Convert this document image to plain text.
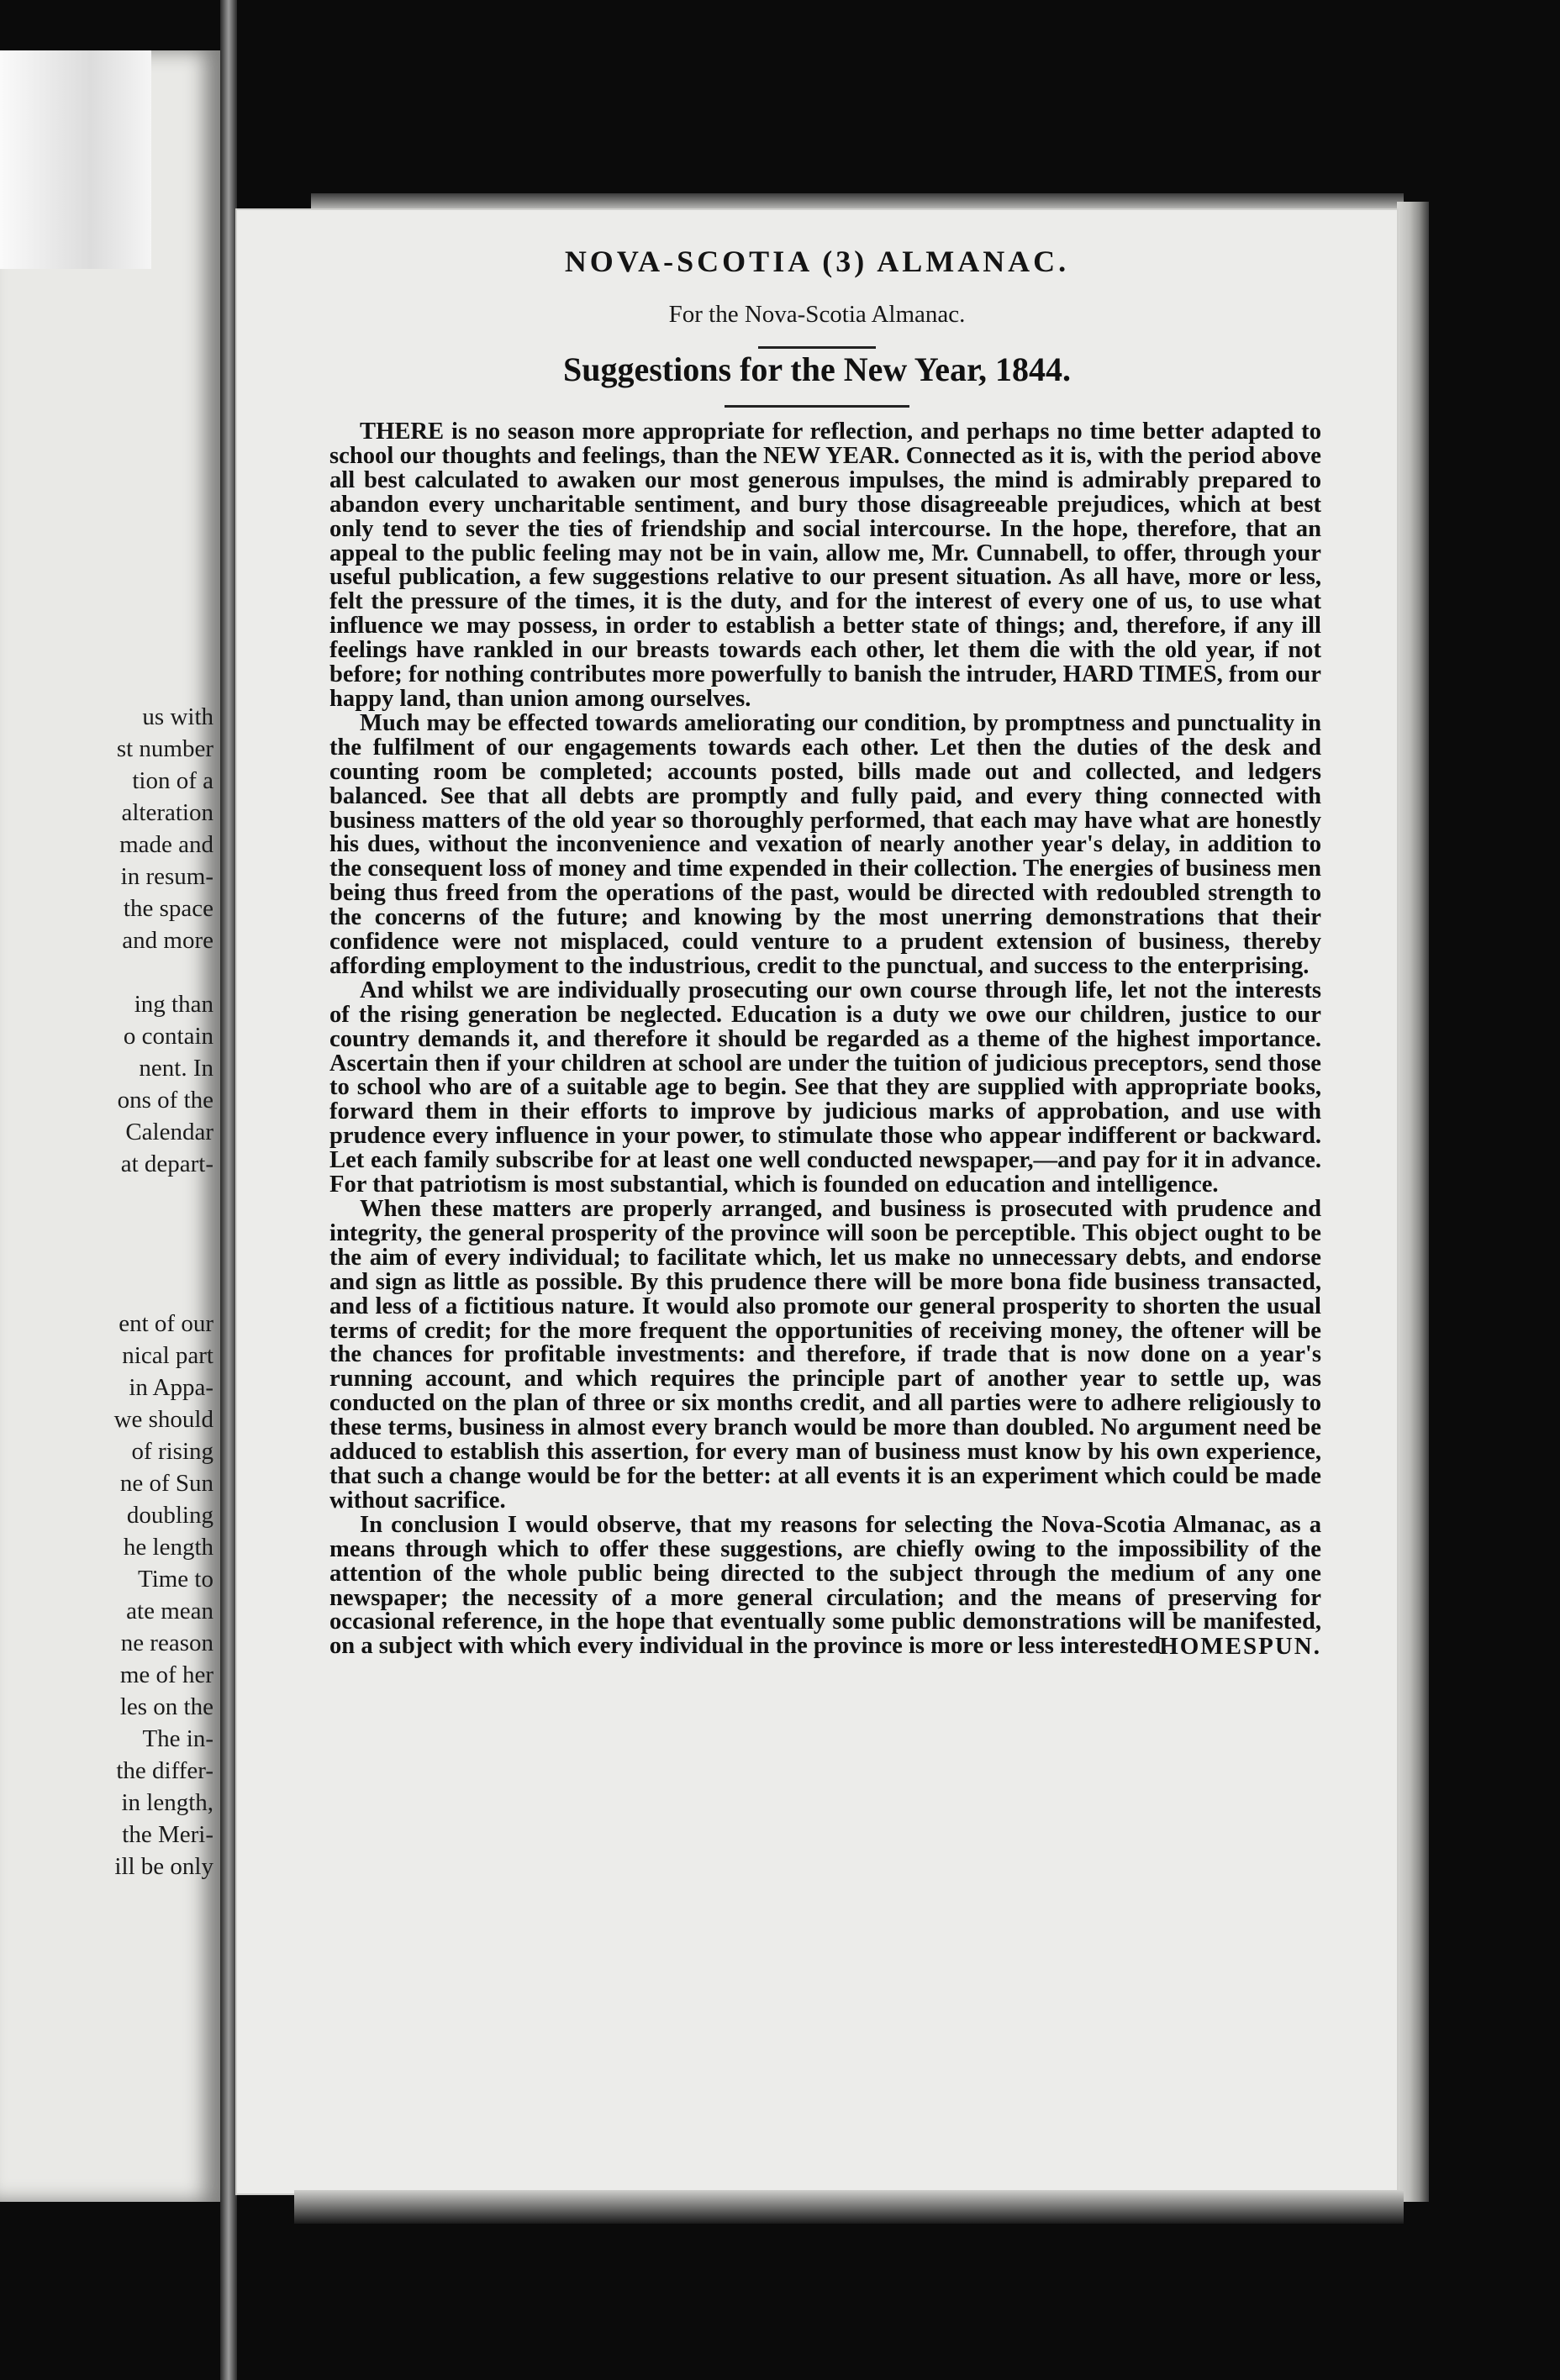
us with
st number
tion of a
alteration
made and
in resum-
the space
and more
ing than
o contain
nent. In
ons of the
Calendar
at depart-
ent of our
nical part
in Appa-
we should
of rising
ne of Sun
doubling
he length
Time to
ate mean
ne reason
me of her
les on the
The in-
the differ-
in length,
the Meri-
ill be only
NOVA-SCOTIA (3) ALMANAC.
For the Nova-Scotia Almanac.
Suggestions for the New Year, 1844.

THERE is no season more appropriate for reflection, and perhaps no time better adapted to school our thoughts and feelings, than the NEW YEAR. Connected as it is, with the period above all best calculated to awaken our most generous impulses, the mind is admirably prepared to abandon every uncharitable sentiment, and bury those disagreeable prejudices, which at best only tend to sever the ties of friendship and social intercourse. In the hope, therefore, that an appeal to the public feeling may not be in vain, allow me, Mr. Cunnabell, to offer, through your useful publication, a few suggestions relative to our present situation. As all have, more or less, felt the pressure of the times, it is the duty, and for the interest of every one of us, to use what influence we may possess, in order to establish a better state of things; and, therefore, if any ill feelings have rankled in our breasts towards each other, let them die with the old year, if not before; for nothing contributes more powerfully to banish the intruder, HARD TIMES, from our happy land, than union among ourselves.

Much may be effected towards ameliorating our condition, by promptness and punctuality in the fulfilment of our engagements towards each other. Let then the duties of the desk and counting room be completed; accounts posted, bills made out and collected, and ledgers balanced. See that all debts are promptly and fully paid, and every thing connected with business matters of the old year so thoroughly performed, that each may have what are honestly his dues, without the inconvenience and vexation of nearly another year's delay, in addition to the consequent loss of money and time expended in their collection. The energies of business men being thus freed from the operations of the past, would be directed with redoubled strength to the concerns of the future; and knowing by the most unerring demonstrations that their confidence were not misplaced, could venture to a prudent extension of business, thereby affording employment to the industrious, credit to the punctual, and success to the enterprising.

And whilst we are individually prosecuting our own course through life, let not the interests of the rising generation be neglected. Education is a duty we owe our children, justice to our country demands it, and therefore it should be regarded as a theme of the highest importance. Ascertain then if your children at school are under the tuition of judicious preceptors, send those to school who are of a suitable age to begin. See that they are supplied with appropriate books, forward them in their efforts to improve by judicious marks of approbation, and use with prudence every influence in your power, to stimulate those who appear indifferent or backward. Let each family subscribe for at least one well conducted newspaper,—and pay for it in advance. For that patriotism is most substantial, which is founded on education and intelligence.

When these matters are properly arranged, and business is prosecuted with prudence and integrity, the general prosperity of the province will soon be perceptible. This object ought to be the aim of every individual; to facilitate which, let us make no unnecessary debts, and endorse and sign as little as possible. By this prudence there will be more bona fide business transacted, and less of a fictitious nature. It would also promote our general prosperity to shorten the usual terms of credit; for the more frequent the opportunities of receiving money, the oftener will be the chances for profitable investments: and therefore, if trade that is now done on a year's running account, and which requires the principle part of another year to settle up, was conducted on the plan of three or six months credit, and all parties were to adhere religiously to these terms, business in almost every branch would be more than doubled. No argument need be adduced to establish this assertion, for every man of business must know by his own experience, that such a change would be for the better: at all events it is an experiment which could be made without sacrifice.

In conclusion I would observe, that my reasons for selecting the Nova-Scotia Almanac, as a means through which to offer these suggestions, are chiefly owing to the impossibility of the attention of the whole public being directed to the subject through the medium of any one newspaper; the necessity of a more general circulation; and the means of preserving for occasional reference, in the hope that eventually some public demonstrations will be manifested, on a subject with which every individual in the province is more or less interested.

HOMESPUN.
